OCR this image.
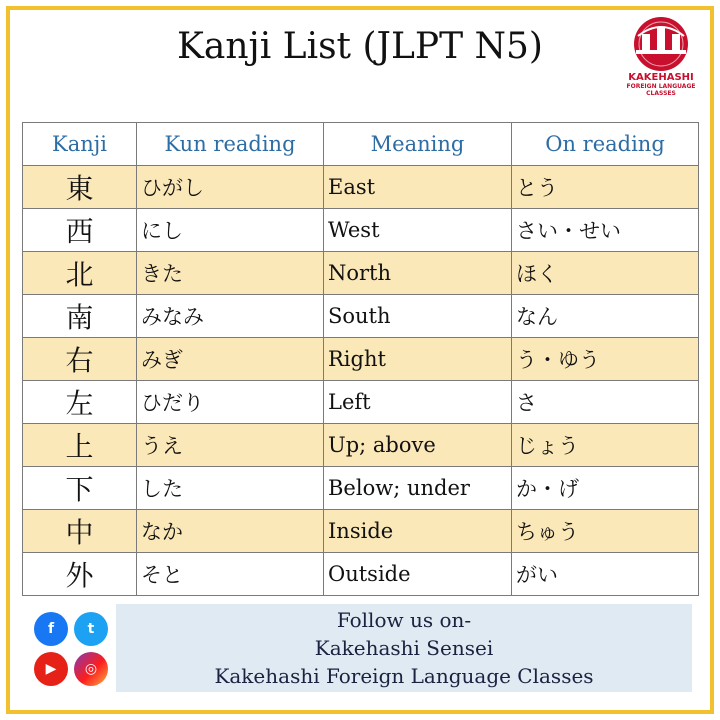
Kanji List (JLPT N5)
KAKEHASHI
FOREIGN LANGUAGE
CLASSES
Kanji	Kun reading	Meaning	On reading
東	ひがし	East	とう
西	にし	West	さい・せい
北	きた	North	ほく
南	みなみ	South	なん
右	みぎ	Right	う・ゆう
左	ひだり	Left	さ
上	うえ	Up; above	じょう
下	した	Below; under	か・げ
中	なか	Inside	ちゅう
外	そと	Outside	がい
f	t
▶	◎
Follow us on-
Kakehashi Sensei
Kakehashi Foreign Language Classes
